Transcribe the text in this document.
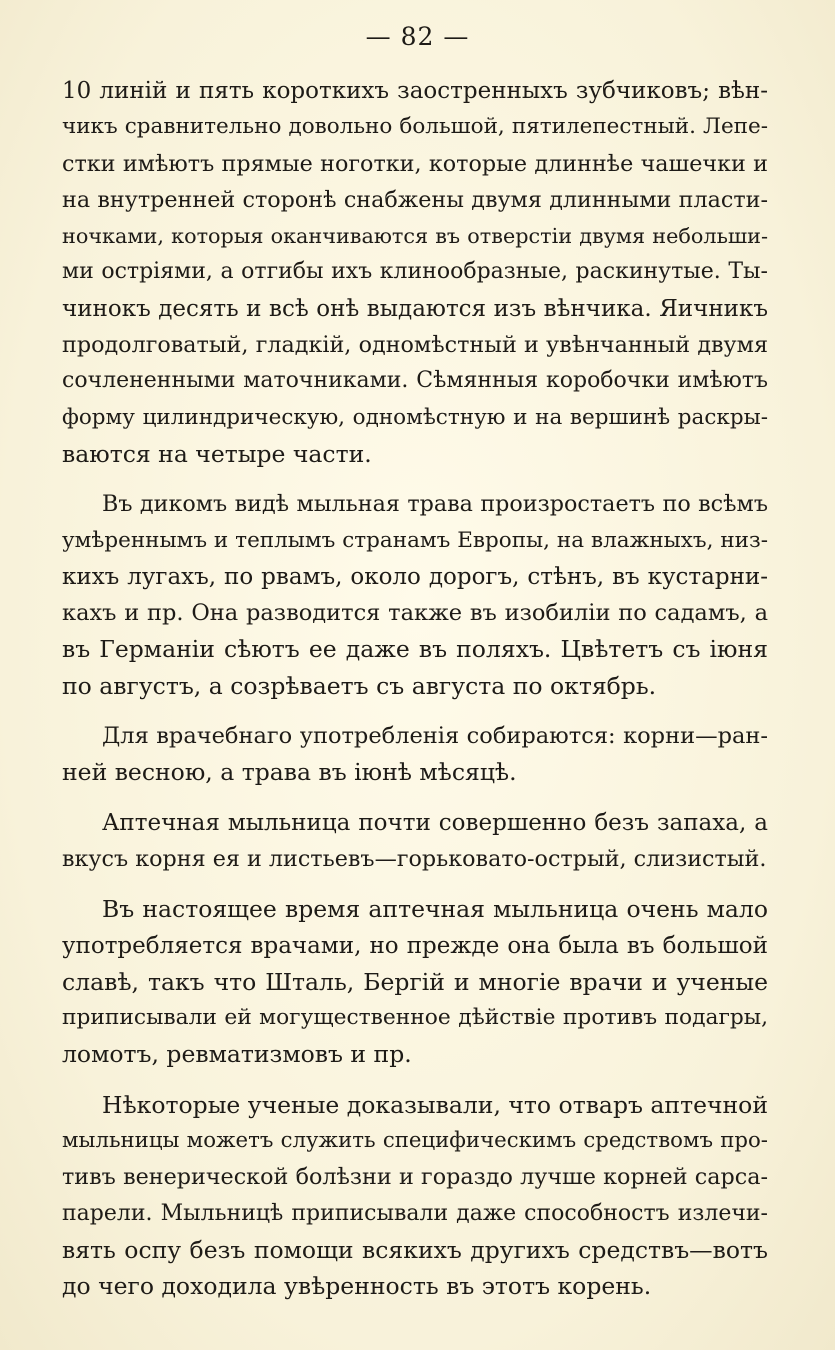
— 82 —
10 линій и пять короткихъ заостренныхъ зубчиковъ; вѣн-
чикъ сравнительно довольно большой, пятилепестный. Лепе-
стки имѣютъ прямые ноготки, которые длиннѣе чашечки и
на внутренней сторонѣ снабжены двумя длинными пласти-
ночками, которыя оканчиваются въ отверстіи двумя небольши-
ми остріями, а отгибы ихъ клинообразные, раскинутые. Ты-
чинокъ десять и всѣ онѣ выдаются изъ вѣнчика. Яичникъ
продолговатый, гладкій, одномѣстный и увѣнчанный двумя
сочлененными маточниками. Сѣмянныя коробочки имѣютъ
форму цилиндрическую, одномѣстную и на вершинѣ раскры-
ваются на четыре части.
Въ дикомъ видѣ мыльная трава произростаетъ по всѣмъ
умѣреннымъ и теплымъ странамъ Европы, на влажныхъ, низ-
кихъ лугахъ, по рвамъ, около дорогъ, стѣнъ, въ кустарни-
кахъ и пр. Она разводится также въ изобиліи по садамъ, а
въ Германіи сѣютъ ее даже въ поляхъ. Цвѣтетъ съ іюня
по августъ, а созрѣваетъ съ августа по октябрь.
Для врачебнаго употребленія собираются: корни—ран-
ней весною, а трава въ іюнѣ мѣсяцѣ.
Аптечная мыльница почти совершенно безъ запаха, а
вкусъ корня ея и листьевъ—горьковато-острый, слизистый.
Въ настоящее время аптечная мыльница очень мало
употребляется врачами, но прежде она была въ большой
славѣ, такъ что Шталь, Бергій и многіе врачи и ученые
приписывали ей могущественное дѣйствіе противъ подагры,
ломотъ, ревматизмовъ и пр.
Нѣкоторые ученые доказывали, что отваръ аптечной
мыльницы можетъ служить специфическимъ средствомъ про-
тивъ венерической болѣзни и гораздо лучше корней сарса-
парели. Мыльницѣ приписывали даже способностъ излечи-
вять оспу безъ помощи всякихъ другихъ средствъ—вотъ
до чего доходила увѣренность въ этотъ корень.
